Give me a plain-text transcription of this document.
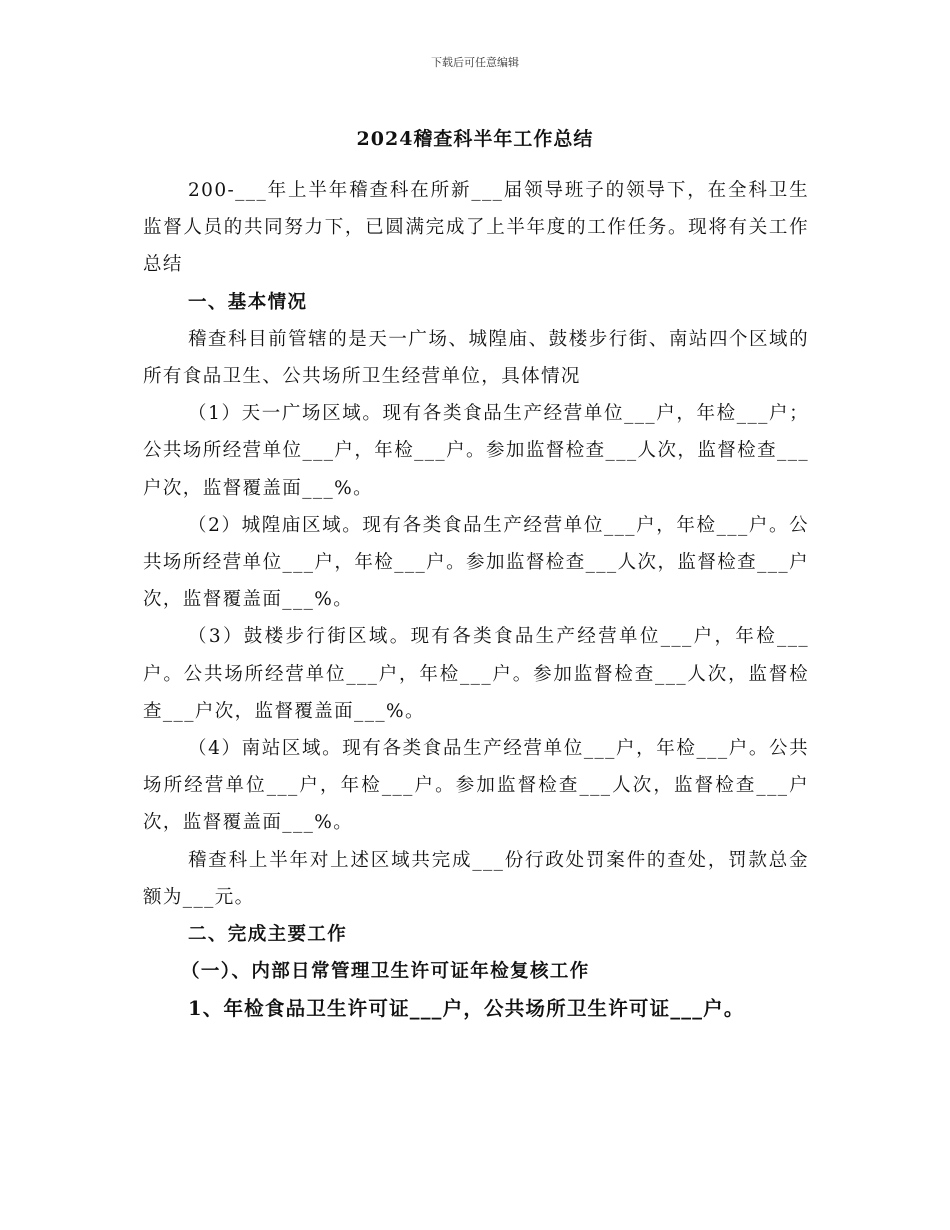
下载后可任意编辑
2024稽查科半年工作总结

200-___年上半年稽查科在所新___届领导班子的领导下，在全科卫生监督人员的共同努力下，已圆满完成了上半年度的工作任务。现将有关工作总结

一、基本情况

稽查科目前管辖的是天一广场、城隍庙、鼓楼步行街、南站四个区域的所有食品卫生、公共场所卫生经营单位，具体情况

（1）天一广场区域。现有各类食品生产经营单位___户，年检___户；公共场所经营单位___户，年检___户。参加监督检查___人次，监督检查___户次，监督覆盖面___%。

（2）城隍庙区域。现有各类食品生产经营单位___户，年检___户。公共场所经营单位___户，年检___户。参加监督检查___人次，监督检查___户次，监督覆盖面___%。

（3）鼓楼步行街区域。现有各类食品生产经营单位___户，年检___户。公共场所经营单位___户，年检___户。参加监督检查___人次，监督检查___户次，监督覆盖面___%。

（4）南站区域。现有各类食品生产经营单位___户，年检___户。公共场所经营单位___户，年检___户。参加监督检查___人次，监督检查___户次，监督覆盖面___%。

稽查科上半年对上述区域共完成___份行政处罚案件的查处，罚款总金额为___元。

二、完成主要工作

（一）、内部日常管理卫生许可证年检复核工作

1、年检食品卫生许可证___户，公共场所卫生许可证___户。
